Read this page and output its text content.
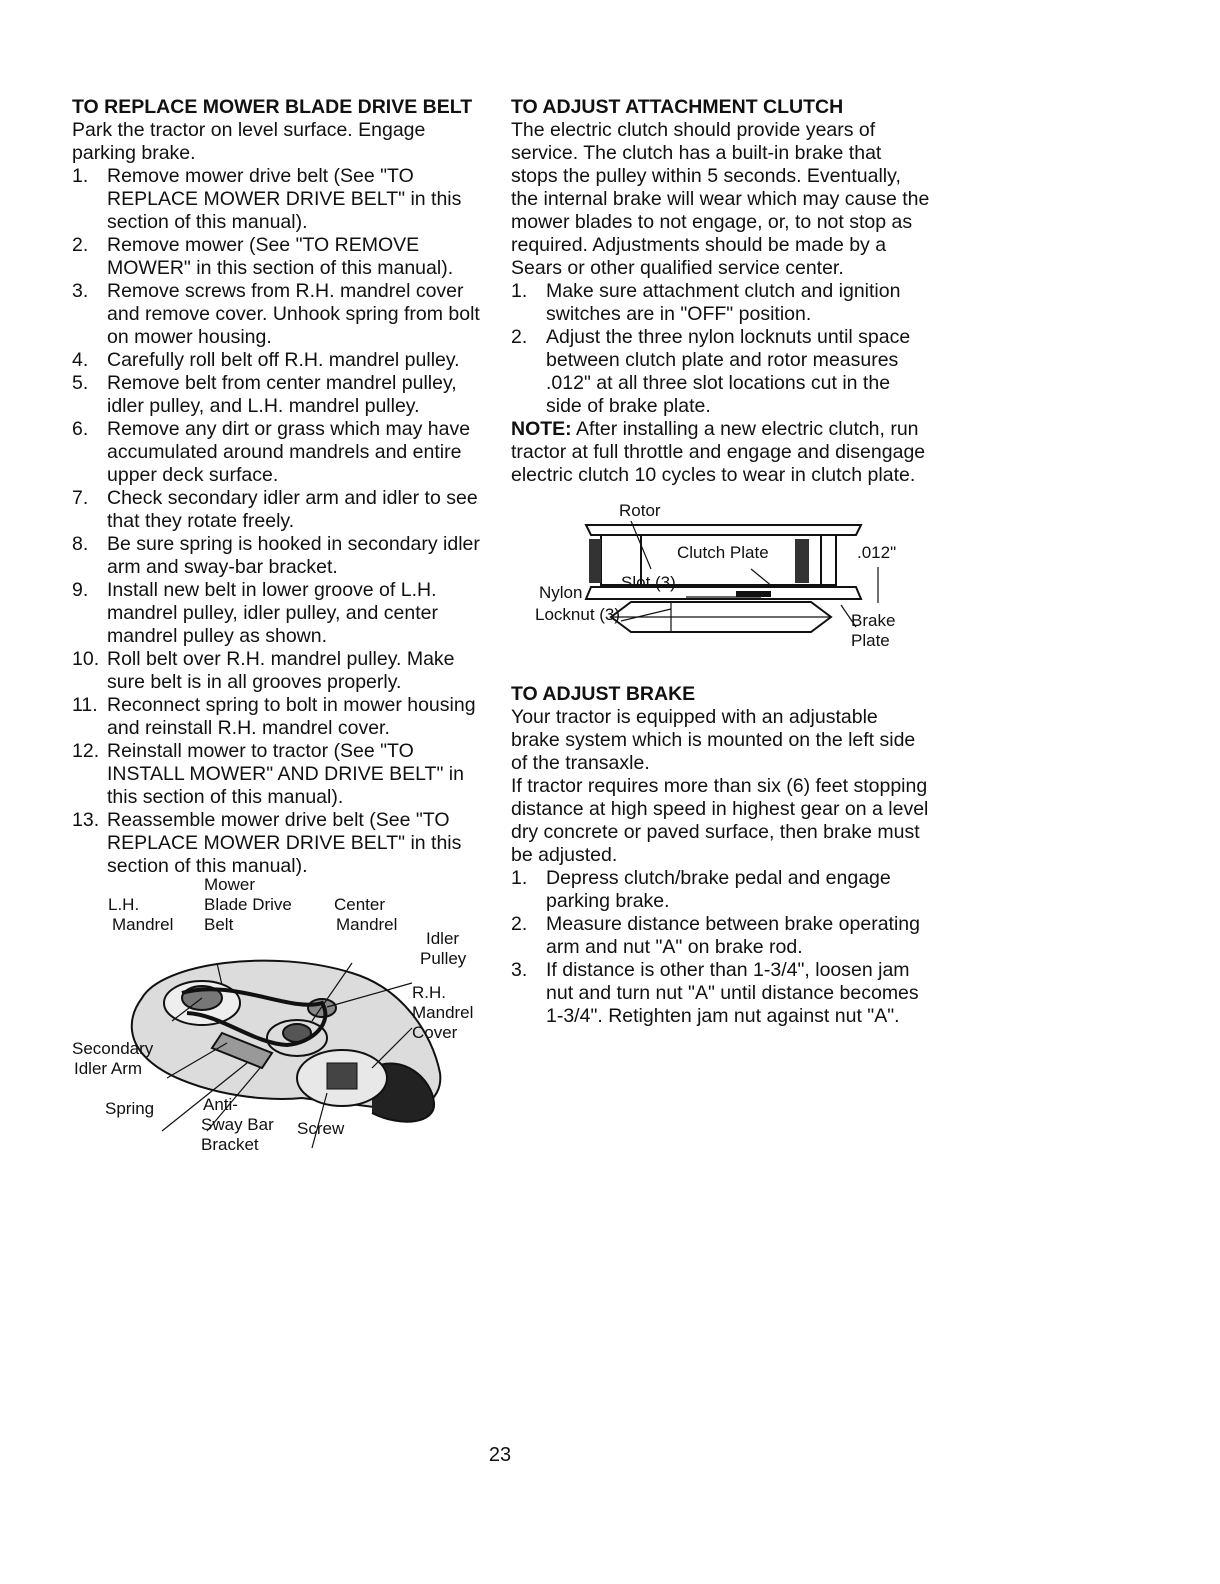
TO REPLACE MOWER BLADE DRIVE BELT

Park the tractor on level surface. Engage parking brake.

1. Remove mower drive belt (See "TO REPLACE MOWER DRIVE BELT" in this section of this manual).
2. Remove mower (See "TO REMOVE MOWER" in this section of this manual).
3. Remove screws from R.H. mandrel cover and remove cover. Unhook spring from bolt on mower housing.
4. Carefully roll belt off R.H. mandrel pulley.
5. Remove belt from center mandrel pulley, idler pulley, and L.H. mandrel pulley.
6. Remove any dirt or grass which may have accumulated around mandrels and entire upper deck surface.
7. Check secondary idler arm and idler to see that they rotate freely.
8. Be sure spring is hooked in secondary idler arm and sway-bar bracket.
9. Install new belt in lower groove of L.H. mandrel pulley, idler pulley, and center mandrel pulley as shown.
10. Roll belt over R.H. mandrel pulley. Make sure belt is in all grooves properly.
11. Reconnect spring to bolt in mower housing and reinstall R.H. mandrel cover.
12. Reinstall mower to tractor (See "TO INSTALL MOWER" AND DRIVE BELT" in this section of this manual).
13. Reassemble mower drive belt (See "TO REPLACE MOWER DRIVE BELT" in this section of this manual).
Mower
L.H.	Blade Drive Center
Mandrel Belt	Mandrel
Idler
Pulley
R.H.
Mandrel
Cover
Secondary
Idler Arm
Spring	Anti-
Sway Bar Screw
Bracket
TO ADJUST ATTACHMENT CLUTCH

The electric clutch should provide years of service. The clutch has a built-in brake that stops the pulley within 5 seconds. Eventually, the internal brake will wear which may cause the mower blades to not engage, or, to not stop as required. Adjustments should be made by a Sears or other qualified service center.

1. Make sure attachment clutch and ignition switches are in "OFF" position.
2. Adjust the three nylon locknuts until space between clutch plate and rotor measures .012" at all three slot locations cut in the side of brake plate.

NOTE: After installing a new electric clutch, run tractor at full throttle and engage and disengage electric clutch 10 cycles to wear in clutch plate.

Rotor
Clutch Plate	.012"
Nylon
Locknut (3)
Slot (3)
Brake
Plate
TO ADJUST BRAKE

Your tractor is equipped with an adjustable brake system which is mounted on the left side of the transaxle.

If tractor requires more than six (6) feet stopping distance at high speed in highest gear on a level dry concrete or paved surface, then brake must be adjusted.

1. Depress clutch/brake pedal and engage parking brake.
2. Measure distance between brake operating arm and nut "A" on brake rod.
3. If distance is other than 1-3/4", loosen jam nut and turn nut "A" until distance becomes 1-3/4". Retighten jam nut against nut "A".
23
